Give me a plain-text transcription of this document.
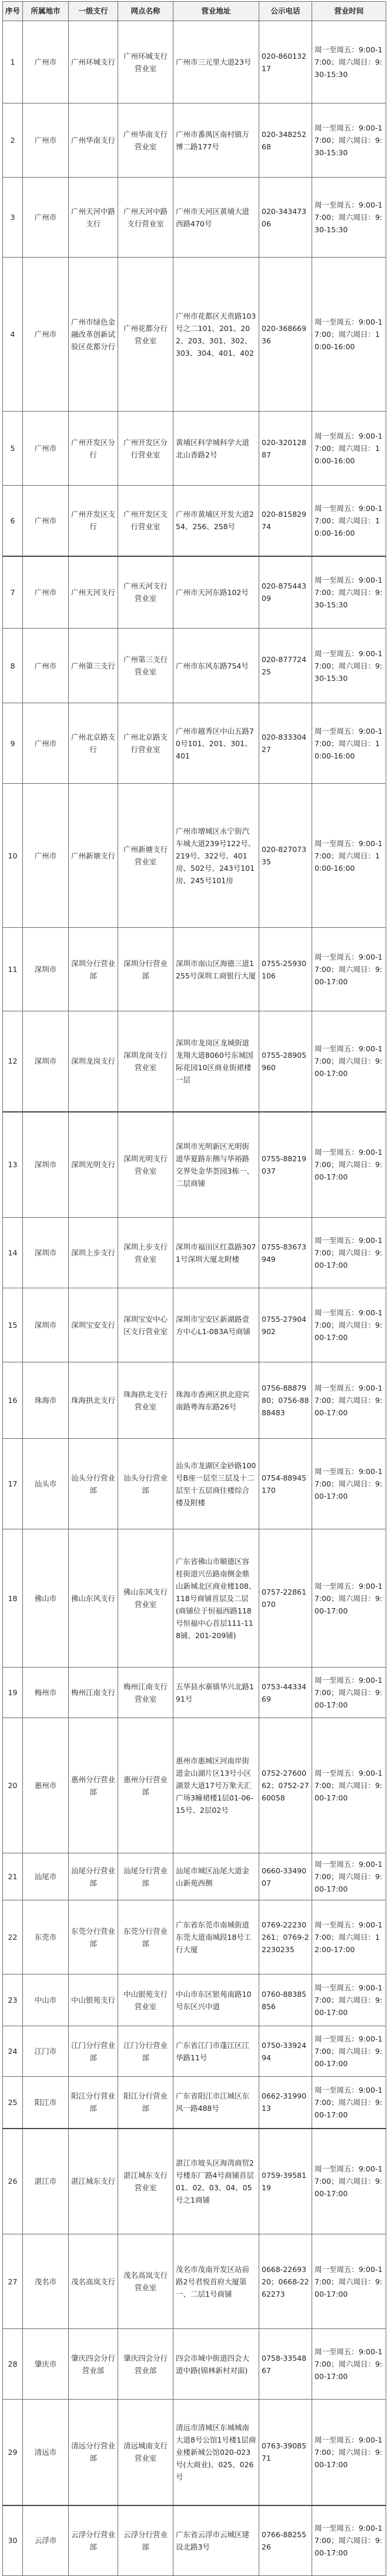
序号	所属地市	一级支行	网点名称	营业地址	公示电话	营业时间
1	广州市	广州环城支行	广州环城支行营业室	广州市三元里大道23号	020-86013217	周一至周五：9:00-17:00；周六周日：9:30-15:30
2	广州市	广州华南支行	广州华南支行营业室	广州市番禺区南村镇万博二路177号	020-34825268	周一至周五：9:00-17:00；周六周日：9:30-15:30
3	广州市	广州天河中路支行	广州天河中路支行营业室	广州市天河区黄埔大道西路470号	020-34347306	周一至周五：9:00-17:00；周六周日：9:30-15:30
4	广州市	广州市绿色金融改革创新试验区花都分行	广州花都分行营业室	广州市花都区天贵路103号之二101、201、202、203、301、302、303、304、401、402	020-36866936	周一至周五：9:00-17:00；周六周日：10:00-16:00
5	广州市	广州开发区分行	广州开发区分行营业室	黄埔区科学城科学大道北山香路2号	020-32012887	周一至周五：9:00-17:00；周六周日：10:00-16:00
6	广州市	广州开发区支行	广州开发区支行营业室	广州市黄埔区开发大道254、256、258号	020-81582974	周一至周五：9:00-17:00；周六周日：10:00-16:00
7	广州市	广州天河支行	广州天河支行营业室	广州市天河东路102号	020-87544309	周一至周五：9:00-17:00；周六周日：9:30-15:30
8	广州市	广州第三支行	广州第三支行营业室	广州市东风东路754号	020-87772425	周一至周五：9:00-17:00；周六周日：9:30-15:30
9	广州市	广州北京路支行	广州北京路支行营业室	广州市越秀区中山五路70号101、201、301、401	020-83330427	周一至周五：9:00-17:00；周六周日：10:00-16:00
10	广州市	广州新塘支行	广州新塘支行营业室	广州市增城区永宁街汽车城大道239号122号、219号、322号、401房、502号、243号101房、245号101房	020-82707335	周一至周五：9:00-17:00；周六周日：10:00-16:00
11	深圳市	深圳分行营业部	深圳分行营业部	深圳市南山区海德三道1255号深圳工商银行大厦	0755-25930106	周一至周五：9:00-17:00；周六周日：9:00-17:00
12	深圳市	深圳龙岗支行	深圳龙岗支行营业室	深圳市龙岗区龙城街道龙翔大道8060号东城国际花园10区商业街裙楼一层	0755-28905960	周一至周五：9:00-17:00；周六周日：9:00-17:00
13	深圳市	深圳光明支行	深圳光明支行营业室	深圳市光明新区光明街道华夏路东侧与华裕路交界处金华荟园3栋一、二层商铺	0755-88219037	周一至周五：9:00-17:00；周六周日：9:00-17:00
14	深圳市	深圳上步支行	深圳上步支行营业室	深圳市福田区红荔路3071号深圳大厦北附楼	0755-83673949	周一至周五：9:00-17:00；周六周日：9:00-17:00
15	深圳市	深圳宝安支行	深圳宝安中心区支行营业室	深圳市宝安区新湖路壹方中心L1-083A号商铺	0755-27904902	周一至周五：9:00-17:00；周六周日：9:00-17:00
16	珠海市	珠海拱北支行	珠海拱北支行营业室	珠海市香洲区拱北迎宾南路粤海东路26号	0756-8887980；0756-8888483	周一至周五：9:00-17:00；周六周日：9:00-17:00
17	汕头市	汕头分行营业部	汕头分行营业部	汕头市龙湖区金砂路100号B座一层至三层及十二层至十五层商住楼综合楼及附楼	0754-88945170	周一至周五：9:00-17:00；周六周日：9:00-17:00
18	佛山市	佛山东风支行	佛山东风支行营业室	广东省佛山市顺德区容桂街道兴岳路南侧金鼎山新城北区商业楼108、118号商铺首层及二层(商铺位于恒福西路118号恒福中心首层111-118铺、201-209铺)	0757-22861070	周一至周五：9:00-17:00；周六周日：9:00-17:00
19	梅州市	梅州江南支行	梅州江南支行营业室	五华县水寨镇华兴北路191号	0753-4433469	周一至周五：9:00-17:00；周六周日：9:00-17:00
20	惠州市	惠州分行营业部	惠州分行营业部	惠州市惠城区河南岸街道金山湖片区13号小区湖景大道17号万象天汇广场3幢裙楼1层01-06-15号、2层02号	0752-2760062；0752-2760058	周一至周五：9:00-17:00；周六周日：9:00-17:00
21	汕尾市	汕尾分行营业部	汕尾分行营业部	汕尾市城区汕尾大道金山新苑西侧	0660-3349007	周一至周五：9:00-17:00；周六周日：9:00-17:00
22	东莞市	东莞分行营业部	东莞分行营业部	广东省东莞市南城街道东莞大道南城段18号工行大厦	0769-22230261；0769-22230235	周一至周五：9:00-17:00；周六周日：12:00-17:00
23	中山市	中山银苑支行	中山银苑支行营业室	中山市东区银苑南路10号东区兴中道	0760-88385856	周一至周五：9:00-17:00；周六周日：9:00-17:00
24	江门市	江门分行营业部	江门分行营业部	广东省江门市蓬江区江华路11号	0750-3392494	周一至周五：9:00-17:00；周六周日：9:00-17:00
25	阳江市	阳江分行营业部	阳江分行营业部	广东省阳江市江城区东风一路488号	0662-3199013	周一至周五：9:00-17:00；周六周日：9:00-17:00
26	湛江市	湛江城东支行	湛江城东支行营业室	湛江市坡头区海湾商贸2号楼东厂路4号商铺首层01、02、03、04、05号之1商铺	0759-3958119	周一至周五：9:00-17:00；周六周日：9:00-17:00
27	茂名市	茂名高岚支行	茂名高岚支行营业室	茂名市茂南开发区站前路2号君悦首府大厦第一、二层1号商铺	0668-2269320；0668-2262273	周一至周五：9:00-17:00；周六周日：9:00-17:00
28	肇庆市	肇庆四会分行营业部	肇庆四会分行营业部	四会市城中街道四会大道中路(锦林新村对面)	0758-3354867	周一至周五：9:00-17:00；周六周日：9:00-17:00
29	清远市	清远分行营业部	清远城南支行营业室	清远市清城区东城城南大道8号公馆1号楼1层商业楼新城公馆020-023号(大商业)、025、026号	0763-3908571	周一至周五：9:00-17:00；周六周日：9:00-17:00
30	云浮市	云浮分行营业部	云浮分行营业部	广东省云浮市云城区建设北路3号	0766-8825526	周一至周五：9:00-17:00；周六周日：9:00-17:00
